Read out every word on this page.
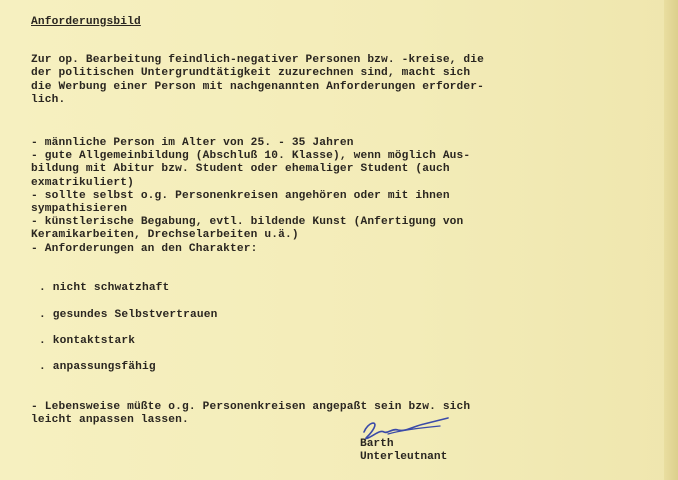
Anforderungsbild
Zur op. Bearbeitung feindlich-negativer Personen bzw. -kreise, die
der politischen Untergrundtätigkeit zuzurechnen sind, macht sich
die Werbung einer Person mit nachgenannten Anforderungen erforder-
lich.
- männliche Person im Alter von 25. - 35 Jahren
- gute Allgemeinbildung (Abschluß 10. Klasse), wenn möglich Aus-
bildung mit Abitur bzw. Student oder ehemaliger Student (auch
exmatrikuliert)
- sollte selbst o.g. Personenkreisen angehören oder mit ihnen
sympathisieren
- künstlerische Begabung, evtl. bildende Kunst (Anfertigung von
Keramikarbeiten, Drechselarbeiten u.ä.)
- Anforderungen an den Charakter:

. nicht schwatzhaft

. gesundes Selbstvertrauen

. kontaktstark

. anpassungsfähig

- Lebensweise müßte o.g. Personenkreisen angepaßt sein bzw. sich
leicht anpassen lassen.
Barth
Unterleutnant
